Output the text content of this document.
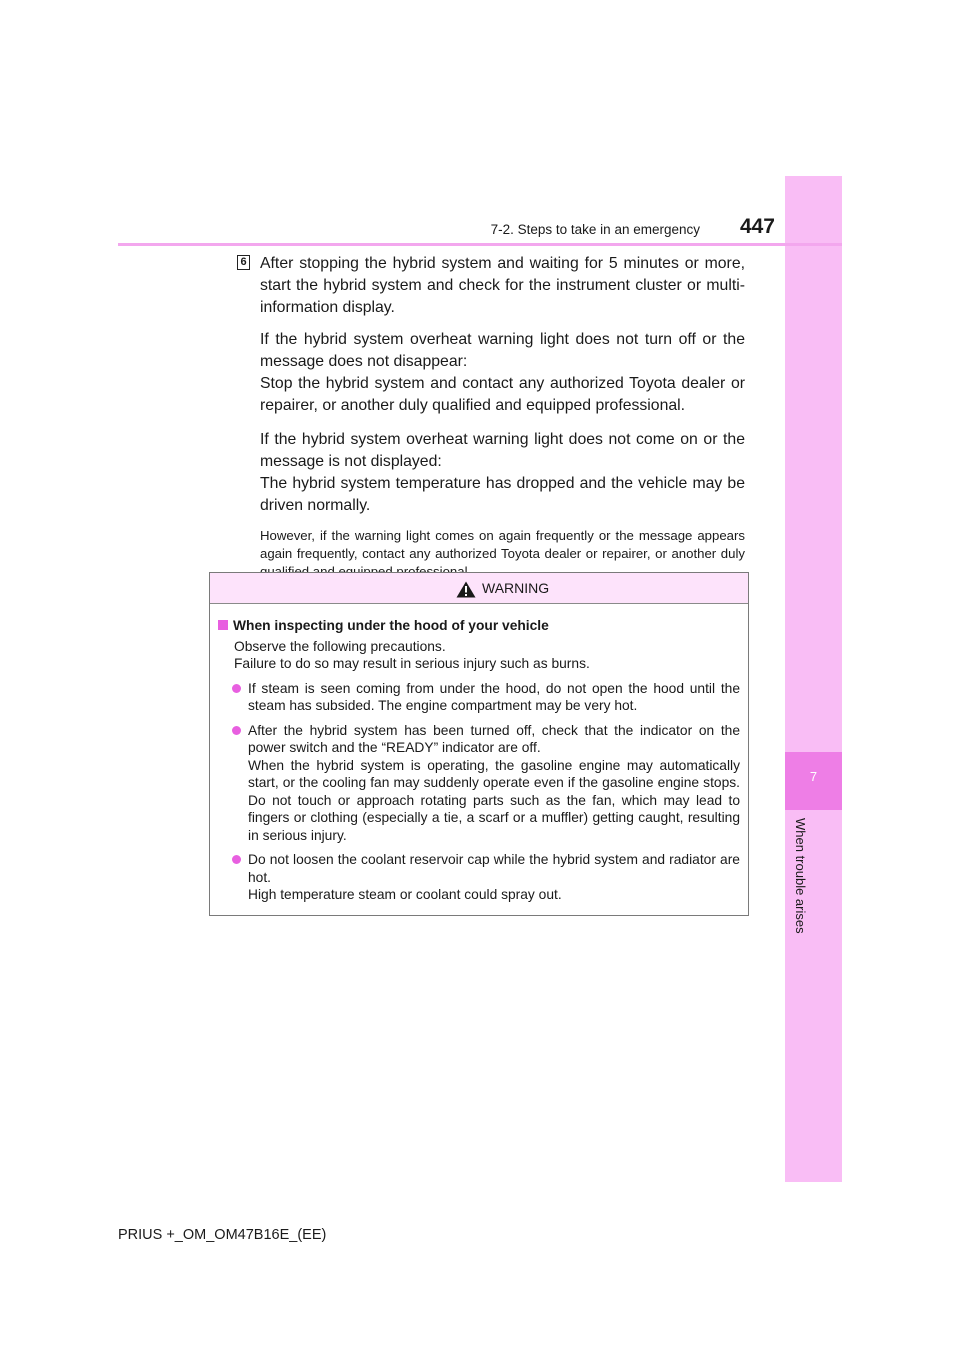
7
When trouble arises
7-2. Steps to take in an emergency	447
6 After stopping the hybrid system and waiting for 5 minutes or more, start the hybrid system and check for the instrument cluster or multi-information display.

If the hybrid system overheat warning light does not turn off or the message does not disappear:
Stop the hybrid system and contact any authorized Toyota dealer or repairer, or another duly qualified and equipped professional.

If the hybrid system overheat warning light does not come on or the message is not displayed:
The hybrid system temperature has dropped and the vehicle may be driven normally.

However, if the warning light comes on again frequently or the message appears again frequently, contact any authorized Toyota dealer or repairer, or another duly

WARNING
When inspecting under the hood of your vehicle
Observe the following precautions.
Failure to do so may result in serious injury such as burns.
If steam is seen coming from under the hood, do not open the hood until the steam has subsided. The engine compartment may be very hot.
After the hybrid system has been turned off, check that the indicator on the power switch and the “READY” indicator are off.
When the hybrid system is operating, the gasoline engine may automatically start, or the cooling fan may suddenly operate even if the gasoline engine stops. Do not touch or approach rotating parts such as the fan, which may lead to fingers or clothing (especially a tie, a scarf or a muffler) getting caught, resulting in serious injury.
Do not loosen the coolant reservoir cap while the hybrid system and radiator are hot.
High temperature steam or coolant could spray out.
PRIUS +_OM_OM47B16E_(EE)
